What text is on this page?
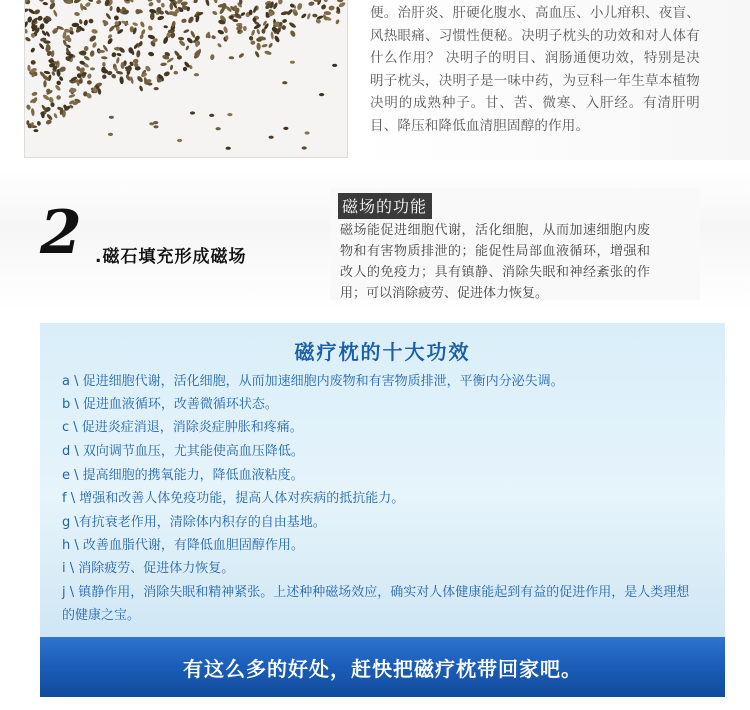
便。治肝炎、肝硬化腹水、高血压、小儿疳积、夜盲、风热眼痛、习惯性便秘。决明子枕头的功效和对人体有什么作用？ 决明子的明目、润肠通便功效，特别是决明子枕头，决明子是一味中药，为豆科一年生草本植物决明的成熟种子。甘、苦、微寒、入肝经。有清肝明目、降压和降低血清胆固醇的作用。
2 .磁石填充形成磁场
磁场的功能
磁场能促进细胞代谢，活化细胞，从而加速细胞内废物和有害物质排泄的；能促性局部血液循环，增强和改人的免疫力；具有镇静、消除失眠和神经紊张的作用；可以消除疲劳、促进体力恢复。
磁疗枕的十大功效
a \ 促进细胞代谢，活化细胞，从而加速细胞内废物和有害物质排泄，平衡内分泌失调。
b \ 促进血液循环，改善微循环状态。
c \ 促进炎症消退，消除炎症肿胀和疼痛。
d \ 双向调节血压，尤其能使高血压降低。
e \ 提高细胞的携氧能力，降低血液粘度。
f \ 增强和改善人体免疫功能，提高人体对疾病的抵抗能力。
g \有抗衰老作用，清除体内积存的自由基地。
h \ 改善血脂代谢，有降低血胆固醇作用。
i \ 消除疲劳、促进体力恢复。
j \ 镇静作用，消除失眠和精神紧张。上述种种磁场效应，确实对人体健康能起到有益的促进作用，是人类理想的健康之宝。
有这么多的好处，赶快把磁疗枕带回家吧。
